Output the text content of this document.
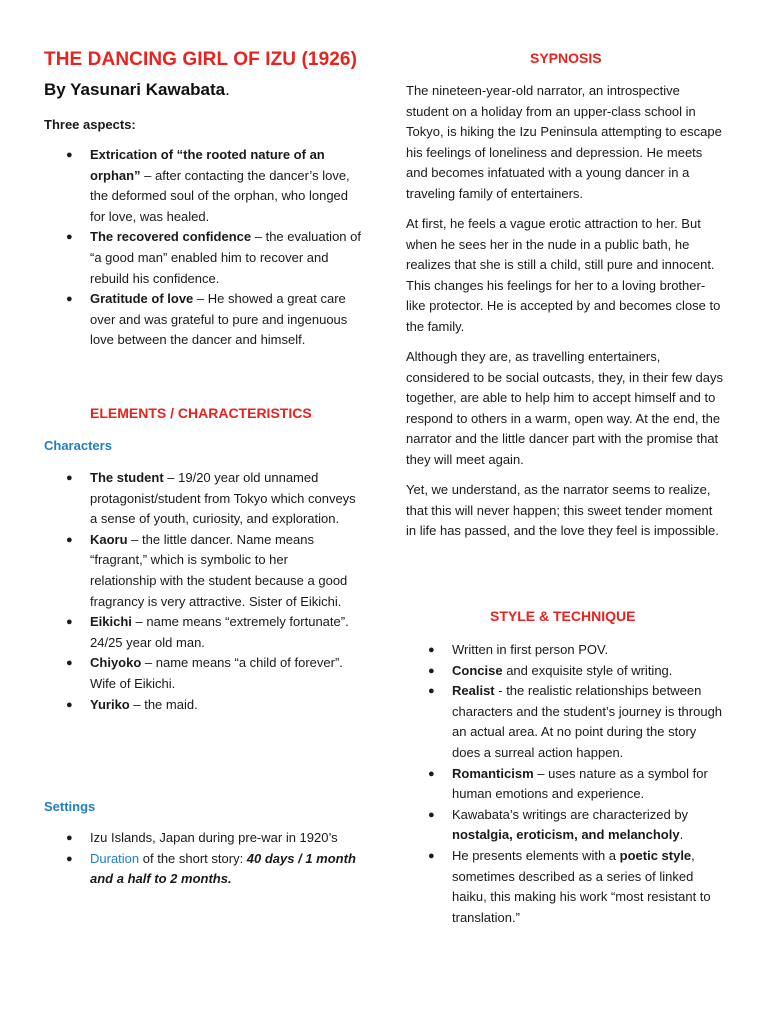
THE DANCING GIRL OF IZU (1926)
By Yasunari Kawabata.
Three aspects:
● Extrication of “the rooted nature of an orphan” – after contacting the dancer’s love, the deformed soul of the orphan, who longed for love, was healed.
● The recovered confidence – the evaluation of “a good man” enabled him to recover and rebuild his confidence.
● Gratitude of love – He showed a great care over and was grateful to pure and ingenuous love between the dancer and himself.
ELEMENTS / CHARACTERISTICS
Characters
● The student – 19/20 year old unnamed protagonist/student from Tokyo which conveys a sense of youth, curiosity, and exploration.
● Kaoru – the little dancer. Name means “fragrant,” which is symbolic to her relationship with the student because a good fragrancy is very attractive. Sister of Eikichi.
● Eikichi – name means “extremely fortunate”. 24/25 year old man.
● Chiyoko – name means “a child of forever”. Wife of Eikichi.
● Yuriko – the maid.
Settings
● Izu Islands, Japan during pre-war in 1920’s
● Duration of the short story: 40 days / 1 month and a half to 2 months.
SYPNOSIS

The nineteen-year-old narrator, an introspective student on a holiday from an upper-class school in Tokyo, is hiking the Izu Peninsula attempting to escape his feelings of loneliness and depression. He meets and becomes infatuated with a young dancer in a traveling family of entertainers.

At first, he feels a vague erotic attraction to her. But when he sees her in the nude in a public bath, he realizes that she is still a child, still pure and innocent. This changes his feelings for her to a loving brother-like protector. He is accepted by and becomes close to the family.

Although they are, as travelling entertainers, considered to be social outcasts, they, in their few days together, are able to help him to accept himself and to respond to others in a warm, open way. At the end, the narrator and the little dancer part with the promise that they will meet again.

Yet, we understand, as the narrator seems to realize, that this will never happen; this sweet tender moment in life has passed, and the love they feel is impossible.

STYLE & TECHNIQUE
● Written in first person POV.
● Concise and exquisite style of writing.
● Realist - the realistic relationships between characters and the student’s journey is through an actual area. At no point during the story does a surreal action happen.
● Romanticism – uses nature as a symbol for human emotions and experience.
● Kawabata’s writings are characterized by nostalgia, eroticism, and melancholy.
● He presents elements with a poetic style, sometimes described as a series of linked haiku, this making his work “most resistant to translation.”
